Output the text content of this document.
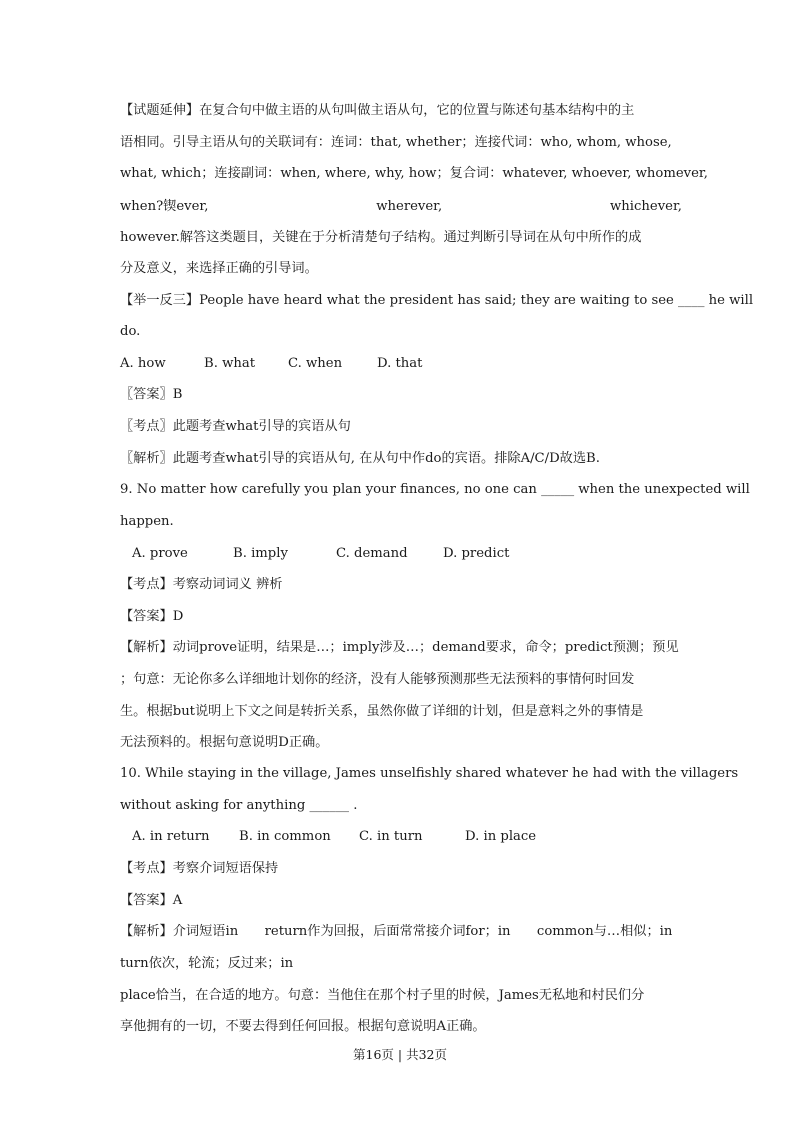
【试题延伸】在复合句中做主语的从句叫做主语从句，它的位置与陈述句基本结构中的主
语相同。引导主语从句的关联词有：连词：that, whether；连接代词：who, whom, whose,
what, which；连接副词：when, where, why, how；复合词：whatever, whoever, whomever,
when?锲ever,	wherever,	whichever,
however.解答这类题目，关键在于分析清楚句子结构。通过判断引导词在从句中所作的成
分及意义，来选择正确的引导词。
【举一反三】People have heard what the president has said; they are waiting to see ____ he will
do.
A. how	B. what	C. when	D. that
〖答案〗B
〖考点〗此题考查what引导的宾语从句
〖解析〗此题考查what引导的宾语从句, 在从句中作do的宾语。排除A/C/D故选B.
9. No matter how carefully you plan your finances, no one can _____ when the unexpected will
happen.
A. prove	B. imply	C. demand	D. predict
【考点】考察动词词义 辨析
【答案】D
【解析】动词prove证明，结果是…；imply涉及…；demand要求，命令；predict预测；预见
；句意：无论你多么详细地计划你的经济，没有人能够预测那些无法预料的事情何时回发
生。根据but说明上下文之间是转折关系，虽然你做了详细的计划，但是意料之外的事情是
无法预料的。根据句意说明D正确。
10. While staying in the village, James unselfishly shared whatever he had with the villagers
without asking for anything ______ .
A. in return	B. in common	C. in turn	D. in place
【考点】考察介词短语保持
【答案】A
【解析】介词短语in　　return作为回报，后面常常接介词for；in　　common与…相似；in
turn依次，轮流；反过来；in
place恰当，在合适的地方。句意：当他住在那个村子里的时候，James无私地和村民们分
享他拥有的一切，不要去得到任何回报。根据句意说明A正确。
第16页 | 共32页
